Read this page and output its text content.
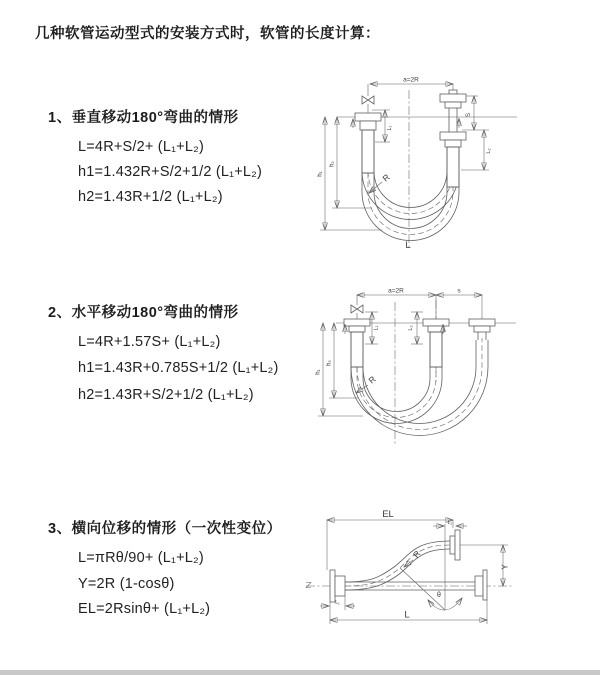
几种软管运动型式的安装方式时，软管的长度计算：
1、垂直移动180°弯曲的情形
L=4R+S/2+ (L₁+L₂)
h1=1.432R+S/2+1/2 (L₁+L₂)
h2=1.43R+1/2 (L₁+L₂)
2、水平移动180°弯曲的情形
L=4R+1.57S+ (L₁+L₂)
h1=1.43R+0.785S+1/2 (L₁+L₂)
h2=1.43R+S/2+1/2 (L₁+L₂)
3、横向位移的情形（一次性变位）
L=πRθ/90+ (L₁+L₂)
Y=2R (1-cosθ)
EL=2Rsinθ+ (L₁+L₂)
a=2R
L₁
S
L₂
h₁
h₂
R
L
a=2R	s
L₁	L₂
h₁
h₂
R
EL
L₂
Y
R
θ
L₁
L
